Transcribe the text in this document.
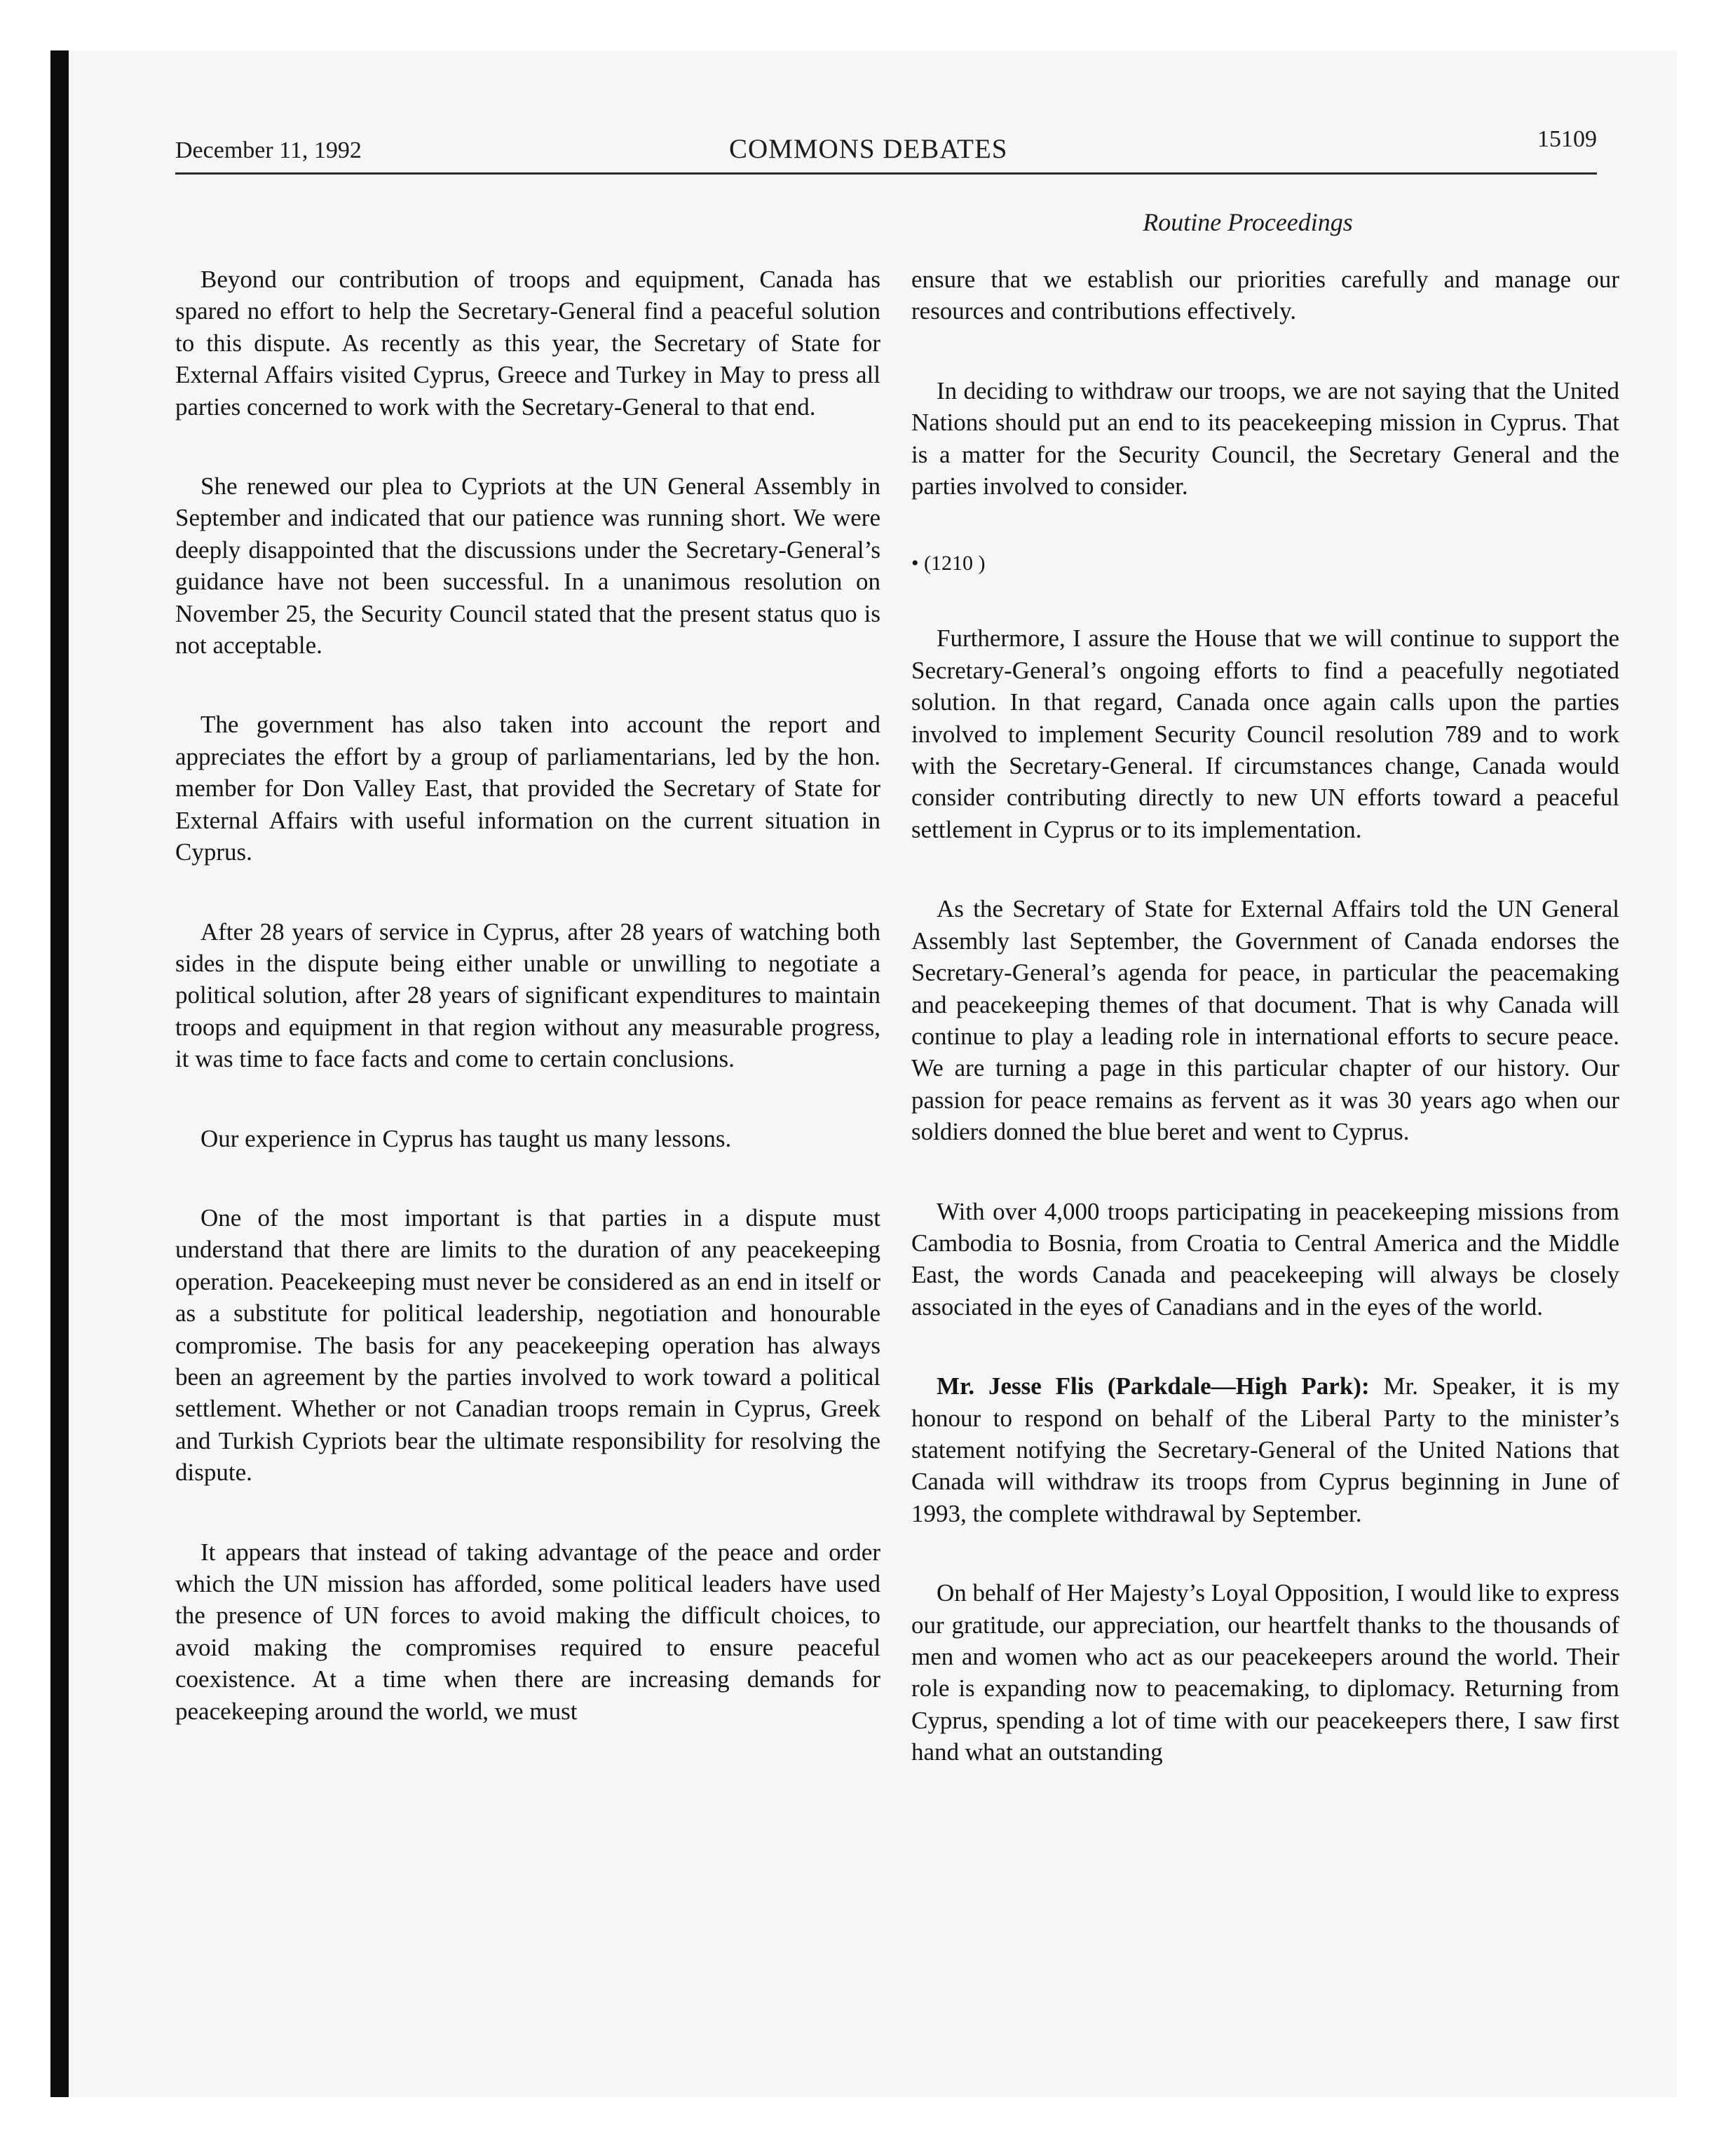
December 11, 1992	COMMONS DEBATES	15109
Routine Proceedings

Beyond our contribution of troops and equipment, Canada has spared no effort to help the Secretary-General find a peaceful solution to this dispute. As recently as this year, the Secretary of State for External Affairs visited Cyprus, Greece and Turkey in May to press all parties concerned to work with the Secretary-General to that end.

She renewed our plea to Cypriots at the UN General Assembly in September and indicated that our patience was running short. We were deeply disappointed that the discussions under the Secretary-General’s guidance have not been successful. In a unanimous resolution on November 25, the Security Council stated that the present status quo is not acceptable.

The government has also taken into account the report and appreciates the effort by a group of parliamentarians, led by the hon. member for Don Valley East, that provided the Secretary of State for External Affairs with useful information on the current situation in Cyprus.

After 28 years of service in Cyprus, after 28 years of watching both sides in the dispute being either unable or unwilling to negotiate a political solution, after 28 years of significant expenditures to maintain troops and equipment in that region without any measurable progress, it was time to face facts and come to certain conclusions.

Our experience in Cyprus has taught us many lessons.

One of the most important is that parties in a dispute must understand that there are limits to the duration of any peacekeeping operation. Peacekeeping must never be considered as an end in itself or as a substitute for political leadership, negotiation and honourable compromise. The basis for any peacekeeping operation has always been an agreement by the parties involved to work toward a political settlement. Whether or not Canadian troops remain in Cyprus, Greek and Turkish Cypriots bear the ultimate responsibility for resolving the dispute.

It appears that instead of taking advantage of the peace and order which the UN mission has afforded, some political leaders have used the presence of UN forces to avoid making the difficult choices, to avoid making the compromises required to ensure peaceful coexistence. At a time when there are increasing demands for peacekeeping around the world, we must

ensure that we establish our priorities carefully and manage our resources and contributions effectively.

In deciding to withdraw our troops, we are not saying that the United Nations should put an end to its peacekeeping mission in Cyprus. That is a matter for the Security Council, the Secretary General and the parties involved to consider.

• (1210 )

Furthermore, I assure the House that we will continue to support the Secretary-General’s ongoing efforts to find a peacefully negotiated solution. In that regard, Canada once again calls upon the parties involved to implement Security Council resolution 789 and to work with the Secretary-General. If circumstances change, Canada would consider contributing directly to new UN efforts toward a peaceful settlement in Cyprus or to its implementation.

As the Secretary of State for External Affairs told the UN General Assembly last September, the Government of Canada endorses the Secretary-General’s agenda for peace, in particular the peacemaking and peacekeeping themes of that document. That is why Canada will continue to play a leading role in international efforts to secure peace. We are turning a page in this particular chapter of our history. Our passion for peace remains as fervent as it was 30 years ago when our soldiers donned the blue beret and went to Cyprus.

With over 4,000 troops participating in peacekeeping missions from Cambodia to Bosnia, from Croatia to Central America and the Middle East, the words Canada and peacekeeping will always be closely associated in the eyes of Canadians and in the eyes of the world.

Mr. Jesse Flis (Parkdale—High Park): Mr. Speaker, it is my honour to respond on behalf of the Liberal Party to the minister’s statement notifying the Secretary-General of the United Nations that Canada will withdraw its troops from Cyprus beginning in June of 1993, the complete withdrawal by September.

On behalf of Her Majesty’s Loyal Opposition, I would like to express our gratitude, our appreciation, our heartfelt thanks to the thousands of men and women who act as our peacekeepers around the world. Their role is expanding now to peacemaking, to diplomacy. Returning from Cyprus, spending a lot of time with our peacekeepers there, I saw first hand what an outstanding
